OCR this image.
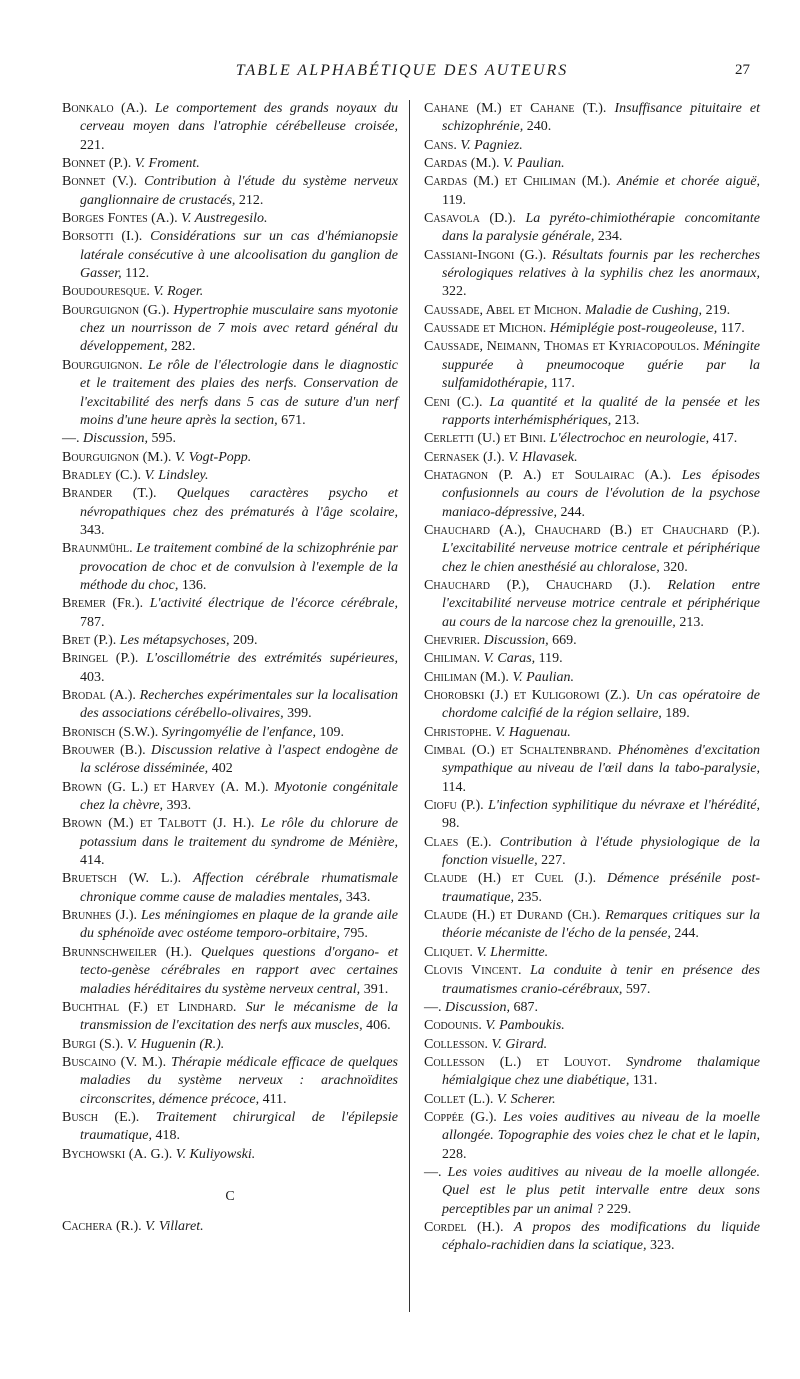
TABLE ALPHABÉTIQUE DES AUTEURS	27

Bonkalo (A.). Le comportement des grands noyaux du cerveau moyen dans l'atrophie cérébelleuse croisée, 221.

Bonnet (P.). V. Froment.

Bonnet (V.). Contribution à l'étude du système nerveux ganglionnaire de crustacés, 212.

Borges Fontes (A.). V. Austregesilo.

Borsotti (I.). Considérations sur un cas d'hémianopsie latérale consécutive à une alcoolisation du ganglion de Gasser, 112.

Boudouresque. V. Roger.

Bourguignon (G.). Hypertrophie musculaire sans myotonie chez un nourrisson de 7 mois avec retard général du développement, 282.

Bourguignon. Le rôle de l'électrologie dans le diagnostic et le traitement des plaies des nerfs. Conservation de l'excitabilité des nerfs dans 5 cas de suture d'un nerf moins d'une heure après la section, 671.

—. Discussion, 595.

Bourguignon (M.). V. Vogt-Popp.

Bradley (C.). V. Lindsley.

Brander (T.). Quelques caractères psycho et névropathiques chez des prématurés à l'âge scolaire, 343.

Braunmühl. Le traitement combiné de la schizophrénie par provocation de choc et de convulsion à l'exemple de la méthode du choc, 136.

Bremer (Fr.). L'activité électrique de l'écorce cérébrale, 787.

Bret (P.). Les métapsychoses, 209.

Bringel (P.). L'oscillométrie des extrémités supérieures, 403.

Brodal (A.). Recherches expérimentales sur la localisation des associations cérébello-olivaires, 399.

Bronisch (S.W.). Syringomyélie de l'enfance, 109.

Brouwer (B.). Discussion relative à l'aspect endogène de la sclérose disséminée, 402

Brown (G. L.) et Harvey (A. M.). Myotonie congénitale chez la chèvre, 393.

Brown (M.) et Talbott (J. H.). Le rôle du chlorure de potassium dans le traitement du syndrome de Ménière, 414.

Bruetsch (W. L.). Affection cérébrale rhumatismale chronique comme cause de maladies mentales, 343.

Brunhes (J.). Les méningiomes en plaque de la grande aile du sphénoïde avec ostéome temporo-orbitaire, 795.

Brunnschweiler (H.). Quelques questions d'organo- et tecto-genèse cérébrales en rapport avec certaines maladies héréditaires du système nerveux central, 391.

Buchthal (F.) et Lindhard. Sur le mécanisme de la transmission de l'excitation des nerfs aux muscles, 406.

Burgi (S.). V. Huguenin (R.).

Buscaino (V. M.). Thérapie médicale efficace de quelques maladies du système nerveux : arachnoïdites circonscrites, démence précoce, 411.

Busch (E.). Traitement chirurgical de l'épilepsie traumatique, 418.

Bychowski (A. G.). V. Kuliyowski.

C

Cachera (R.). V. Villaret.

Cahane (M.) et Cahane (T.). Insuffisance pituitaire et schizophrénie, 240.

Cans. V. Pagniez.

Cardas (M.). V. Paulian.

Cardas (M.) et Chiliman (M.). Anémie et chorée aiguë, 119.

Casavola (D.). La pyréto-chimiothérapie concomitante dans la paralysie générale, 234.

Cassiani-Ingoni (G.). Résultats fournis par les recherches sérologiques relatives à la syphilis chez les anormaux, 322.

Caussade, Abel et Michon. Maladie de Cushing, 219.

Caussade et Michon. Hémiplégie post-rougeoleuse, 117.

Caussade, Neimann, Thomas et Kyriacopoulos. Méningite suppurée à pneumocoque guérie par la sulfamidothérapie, 117.

Ceni (C.). La quantité et la qualité de la pensée et les rapports interhémisphériques, 213.

Cerletti (U.) et Bini. L'électrochoc en neurologie, 417.

Cernasek (J.). V. Hlavasek.

Chatagnon (P. A.) et Soulairac (A.). Les épisodes confusionnels au cours de l'évolution de la psychose maniaco-dépressive, 244.

Chauchard (A.), Chauchard (B.) et Chauchard (P.). L'excitabilité nerveuse motrice centrale et périphérique chez le chien anesthésié au chloralose, 320.

Chauchard (P.), Chauchard (J.). Relation entre l'excitabilité nerveuse motrice centrale et périphérique au cours de la narcose chez la grenouille, 213.

Chevrier. Discussion, 669.

Chiliman. V. Caras, 119.

Chiliman (M.). V. Paulian.

Chorobski (J.) et Kuligorowi (Z.). Un cas opératoire de chordome calcifié de la région sellaire, 189.

Christophe. V. Haguenau.

Cimbal (O.) et Schaltenbrand. Phénomènes d'excitation sympathique au niveau de l'œil dans la tabo-paralysie, 114.

Ciofu (P.). L'infection syphilitique du névraxe et l'hérédité, 98.

Claes (E.). Contribution à l'étude physiologique de la fonction visuelle, 227.

Claude (H.) et Cuel (J.). Démence présénile post-traumatique, 235.

Claude (H.) et Durand (Ch.). Remarques critiques sur la théorie mécaniste de l'écho de la pensée, 244.

Cliquet. V. Lhermitte.

Clovis Vincent. La conduite à tenir en présence des traumatismes cranio-cérébraux, 597.

—. Discussion, 687.

Codounis. V. Pamboukis.

Collesson. V. Girard.

Collesson (L.) et Louyot. Syndrome thalamique hémialgique chez une diabétique, 131.

Collet (L.). V. Scherer.

Coppée (G.). Les voies auditives au niveau de la moelle allongée. Topographie des voies chez le chat et le lapin, 228.

—. Les voies auditives au niveau de la moelle allongée. Quel est le plus petit intervalle entre deux sons perceptibles par un animal ? 229.

Cordel (H.). A propos des modifications du liquide céphalo-rachidien dans la sciatique, 323.
